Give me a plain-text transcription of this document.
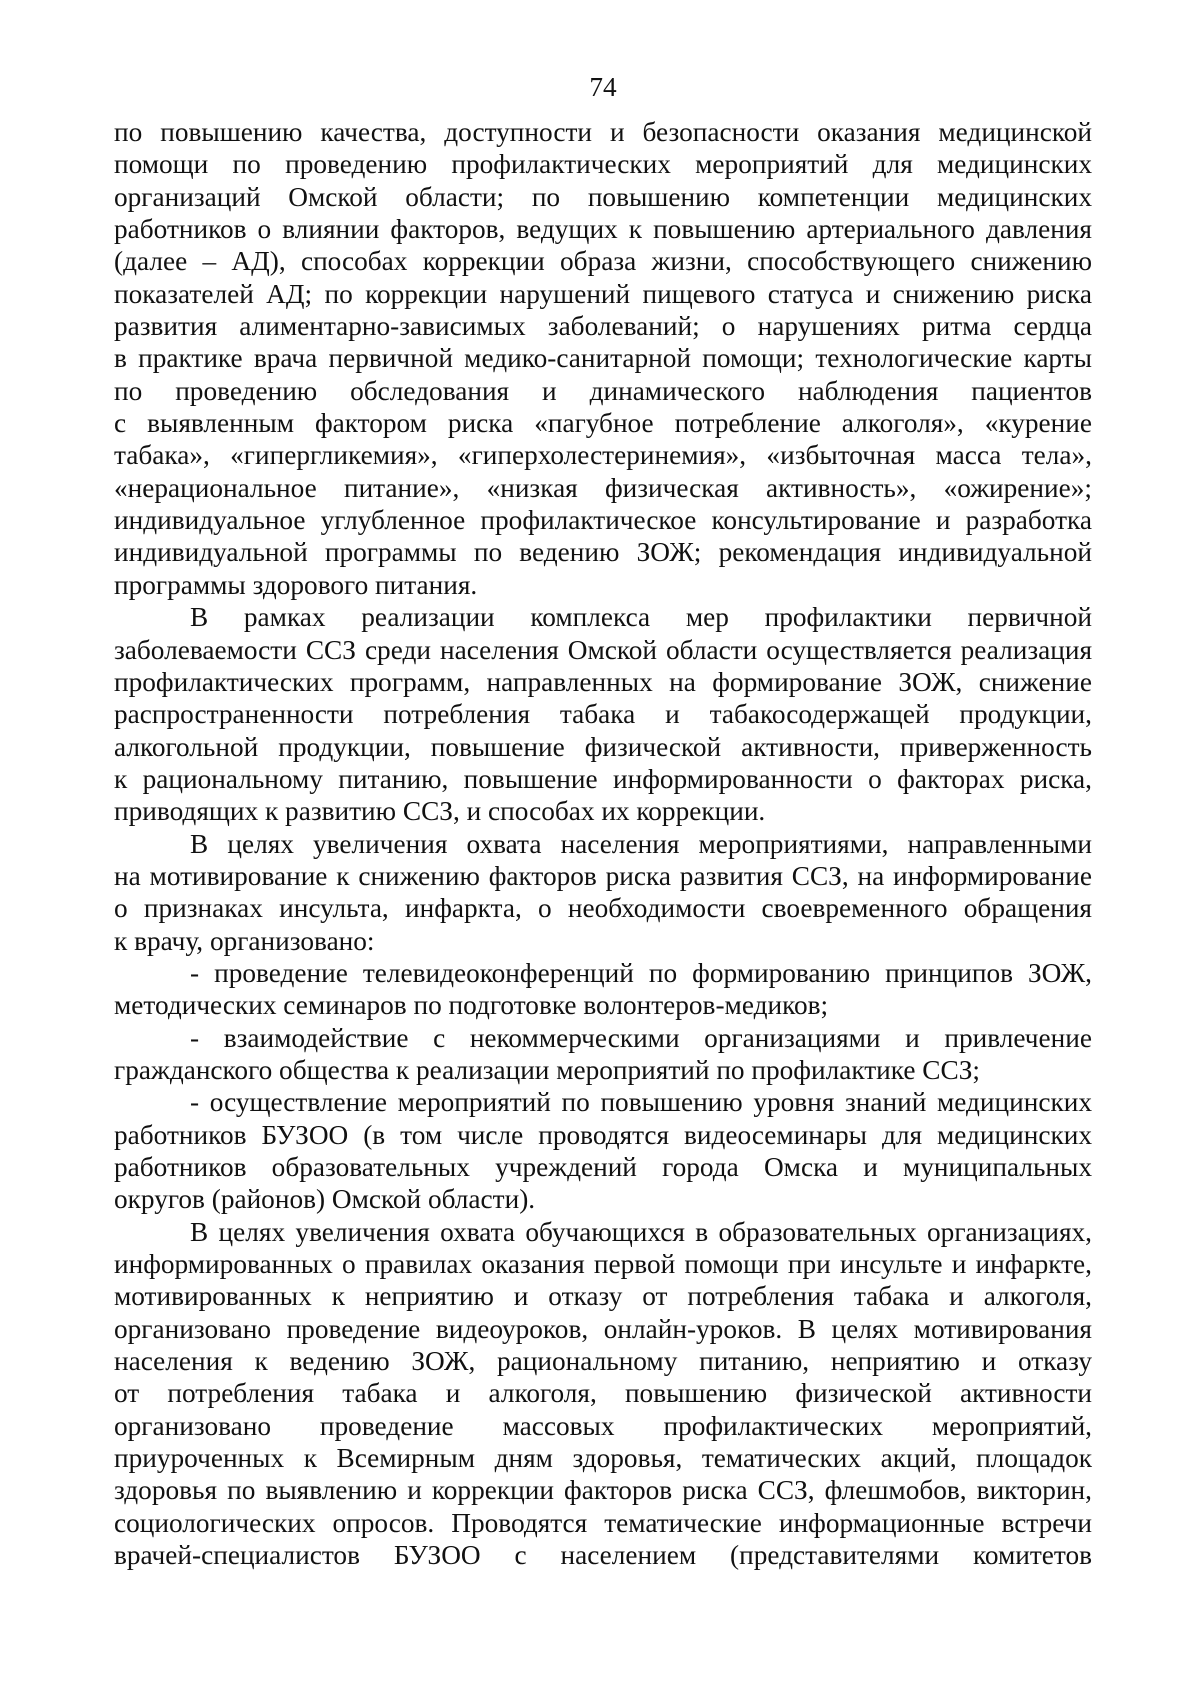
74
по повышению качества, доступности и безопасности оказания медицинской
помощи по проведению профилактических мероприятий для медицинских
организаций Омской области; по повышению компетенции медицинских
работников о влиянии факторов, ведущих к повышению артериального давления
(далее – АД), способах коррекции образа жизни, способствующего снижению
показателей АД; по коррекции нарушений пищевого статуса и снижению риска
развития алиментарно-зависимых заболеваний; о нарушениях ритма сердца
в практике врача первичной медико-санитарной помощи; технологические карты
по проведению обследования и динамического наблюдения пациентов
с выявленным фактором риска «пагубное потребление алкоголя», «курение
табака», «гипергликемия», «гиперхолестеринемия», «избыточная масса тела»,
«нерациональное питание», «низкая физическая активность», «ожирение»;
индивидуальное углубленное профилактическое консультирование и разработка
индивидуальной программы по ведению ЗОЖ; рекомендация индивидуальной
программы здорового питания.
В рамках реализации комплекса мер профилактики первичной
заболеваемости ССЗ среди населения Омской области осуществляется реализация
профилактических программ, направленных на формирование ЗОЖ, снижение
распространенности потребления табака и табакосодержащей продукции,
алкогольной продукции, повышение физической активности, приверженность
к рациональному питанию, повышение информированности о факторах риска,
приводящих к развитию ССЗ, и способах их коррекции.
В целях увеличения охвата населения мероприятиями, направленными
на мотивирование к снижению факторов риска развития ССЗ, на информирование
о признаках инсульта, инфаркта, о необходимости своевременного обращения
к врачу, организовано:
- проведение телевидеоконференций по формированию принципов ЗОЖ,
методических семинаров по подготовке волонтеров-медиков;
- взаимодействие с некоммерческими организациями и привлечение
гражданского общества к реализации мероприятий по профилактике ССЗ;
- осуществление мероприятий по повышению уровня знаний медицинских
работников БУЗОО (в том числе проводятся видеосеминары для медицинских
работников образовательных учреждений города Омска и муниципальных
округов (районов) Омской области).
В целях увеличения охвата обучающихся в образовательных организациях,
информированных о правилах оказания первой помощи при инсульте и инфаркте,
мотивированных к неприятию и отказу от потребления табака и алкоголя,
организовано проведение видеоуроков, онлайн-уроков. В целях мотивирования
населения к ведению ЗОЖ, рациональному питанию, неприятию и отказу
от потребления табака и алкоголя, повышению физической активности
организовано проведение массовых профилактических мероприятий,
приуроченных к Всемирным дням здоровья, тематических акций, площадок
здоровья по выявлению и коррекции факторов риска ССЗ, флешмобов, викторин,
социологических опросов. Проводятся тематические информационные встречи
врачей-специалистов БУЗОО с населением (представителями комитетов
